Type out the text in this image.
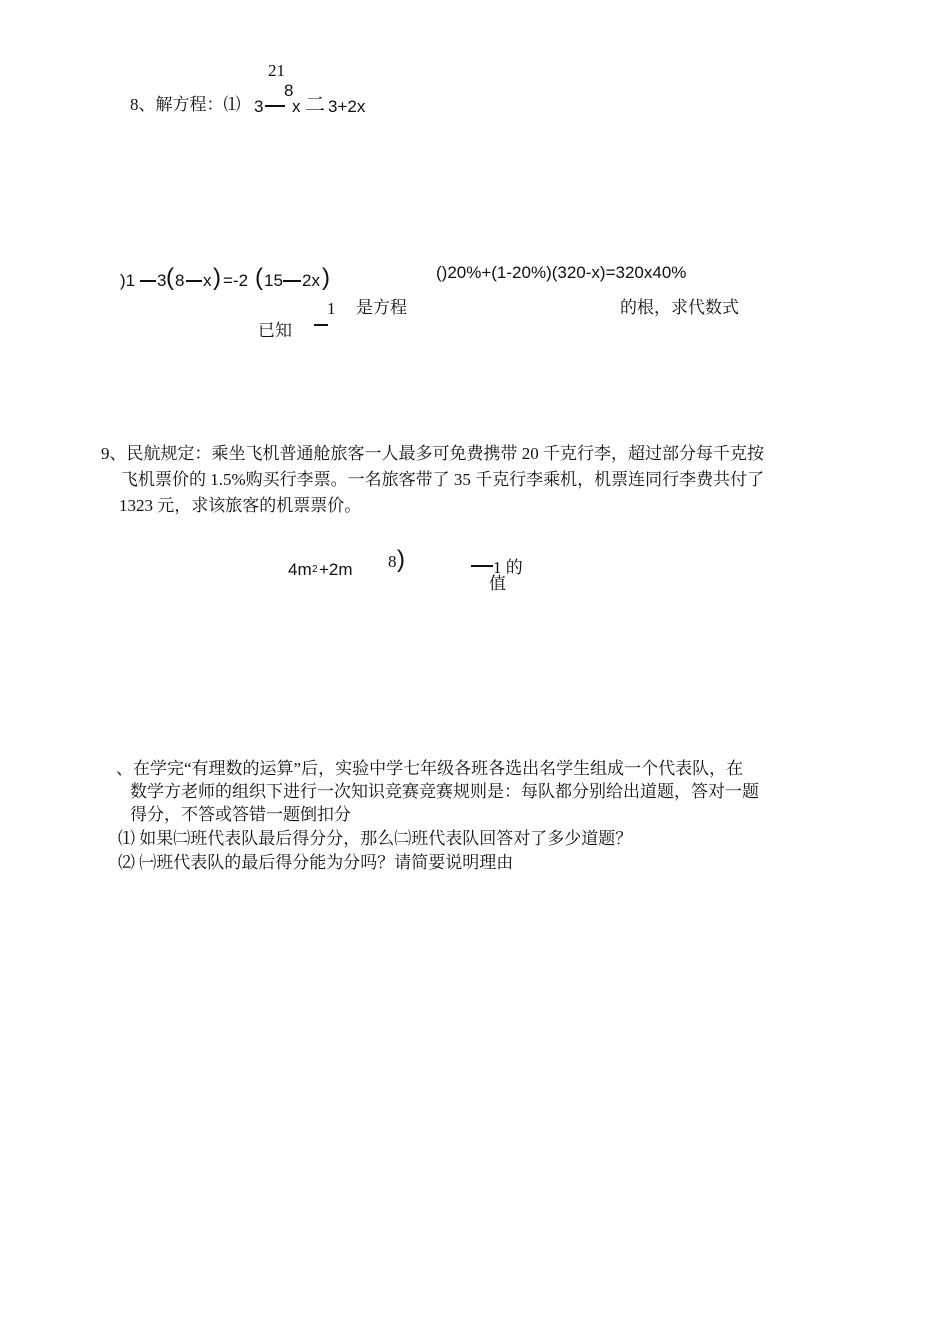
21
8、解方程：⑴ 3
8
x 二 3+2x
)1 3 ( 8 x ) =-2 ( 15 2x )	()20%+(1-20%)(320-x)=320x40%
1 是方程	的根，求代数式
已知
9、民航规定：乘坐飞机普通舱旅客一人最多可免费携带 20 千克行李，超过部分每千克按
飞机票价的 1.5%购买行李票。一名旅客带了 35 千克行李乘机，机票连同行李费共付了
1323 元，求该旅客的机票票价。
4m 2 +2m 8 )	1 的
值
、在学完“有理数的运算”后，实验中学七年级各班各选出名学生组成一个代表队，在
数学方老师的组织下进行一次知识竞赛竞赛规则是：每队都分别给出道题，答对一题
得分，不答或答错一题倒扣分
⑴ 如果㈡班代表队最后得分分，那么㈡班代表队回答对了多少道题？
⑵ ㈠班代表队的最后得分能为分吗？请简要说明理由
